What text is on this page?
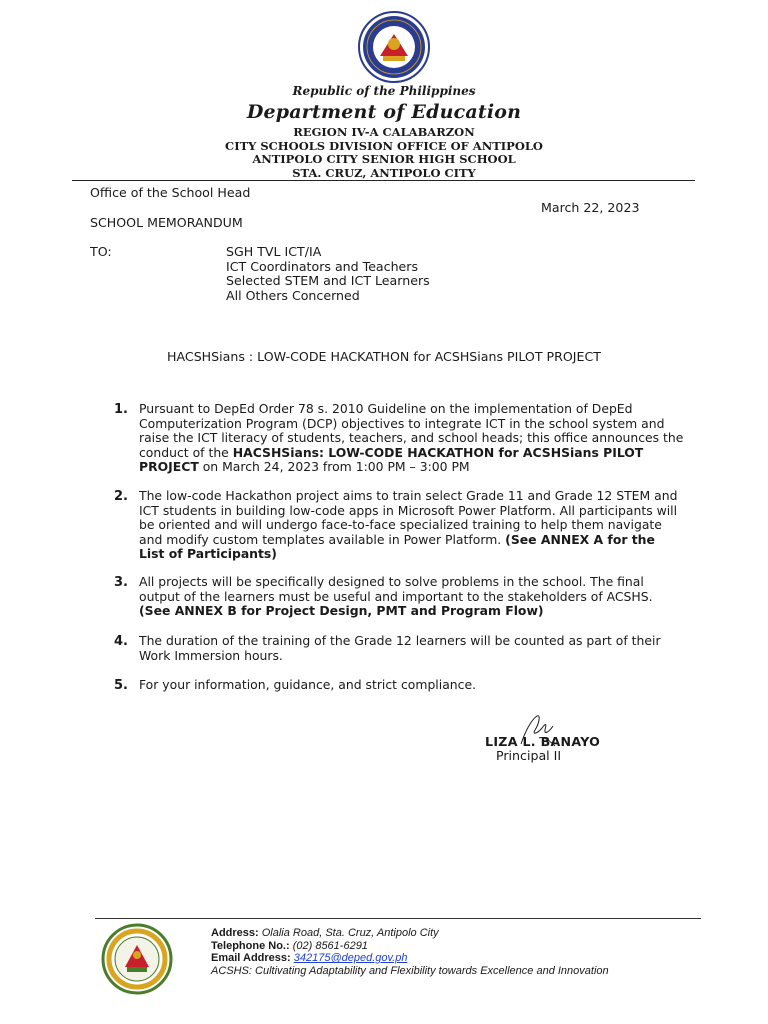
Republic of the Philippines
Department of Education
REGION IV-A CALABARZON
CITY SCHOOLS DIVISION OFFICE OF ANTIPOLO
ANTIPOLO CITY SENIOR HIGH SCHOOL
STA. CRUZ, ANTIPOLO CITY
Office of the School Head
March 22, 2023
SCHOOL MEMORANDUM
TO:	SGH TVL ICT/IA
ICT Coordinators and Teachers
Selected STEM and ICT Learners
All Others Concerned
HACSHSians : LOW-CODE HACKATHON for ACSHSians PILOT PROJECT
1. Pursuant to DepEd Order 78 s. 2010 Guideline on the implementation of DepEd Computerization Program (DCP) objectives to integrate ICT in the school system and raise the ICT literacy of students, teachers, and school heads; this office announces the conduct of the HACSHSians: LOW-CODE HACKATHON for ACSHSians PILOT PROJECT on March 24, 2023 from 1:00 PM – 3:00 PM
2. The low-code Hackathon project aims to train select Grade 11 and Grade 12 STEM and ICT students in building low-code apps in Microsoft Power Platform. All participants will be oriented and will undergo face-to-face specialized training to help them navigate and modify custom templates available in Power Platform. (See ANNEX A for the List of Participants)
3. All projects will be specifically designed to solve problems in the school. The final output of the learners must be useful and important to the stakeholders of ACSHS.
(See ANNEX B for Project Design, PMT and Program Flow)
4. The duration of the training of the Grade 12 learners will be counted as part of their Work Immersion hours.
5. For your information, guidance, and strict compliance.
LIZA L. BANAYO
Principal II
Address: Olalia Road, Sta. Cruz, Antipolo City
Telephone No.: (02) 8561-6291
Email Address: 342175@deped.gov.ph
ACSHS: Cultivating Adaptability and Flexibility towards Excellence and Innovation
